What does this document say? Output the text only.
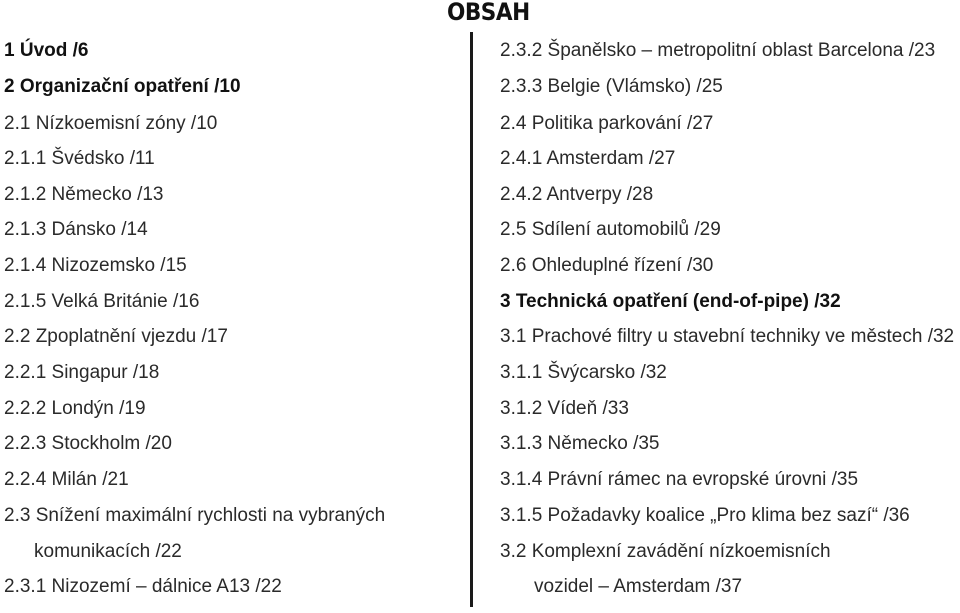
OBSAH
1 Úvod /6
2 Organizační opatření /10
2.1 Nízkoemisní zóny /10
2.1.1 Švédsko /11
2.1.2 Německo /13
2.1.3 Dánsko /14
2.1.4 Nizozemsko /15
2.1.5 Velká Británie /16
2.2 Zpoplatnění vjezdu /17
2.2.1 Singapur /18
2.2.2 Londýn /19
2.2.3 Stockholm /20
2.2.4 Milán /21
2.3 Snížení maximální rychlosti na vybraných
komunikacích /22
2.3.1 Nizozemí – dálnice A13 /22
2.3.2 Španělsko – metropolitní oblast Barcelona /23
2.3.3 Belgie (Vlámsko) /25
2.4 Politika parkování /27
2.4.1 Amsterdam /27
2.4.2 Antverpy /28
2.5 Sdílení automobilů /29
2.6 Ohleduplné řízení /30
3 Technická opatření (end-of-pipe) /32
3.1 Prachové filtry u stavební techniky ve městech /32
3.1.1 Švýcarsko /32
3.1.2 Vídeň /33
3.1.3 Německo /35
3.1.4 Právní rámec na evropské úrovni /35
3.1.5 Požadavky koalice „Pro klima bez sazí“ /36
3.2 Komplexní zavádění nízkoemisních
vozidel – Amsterdam /37
